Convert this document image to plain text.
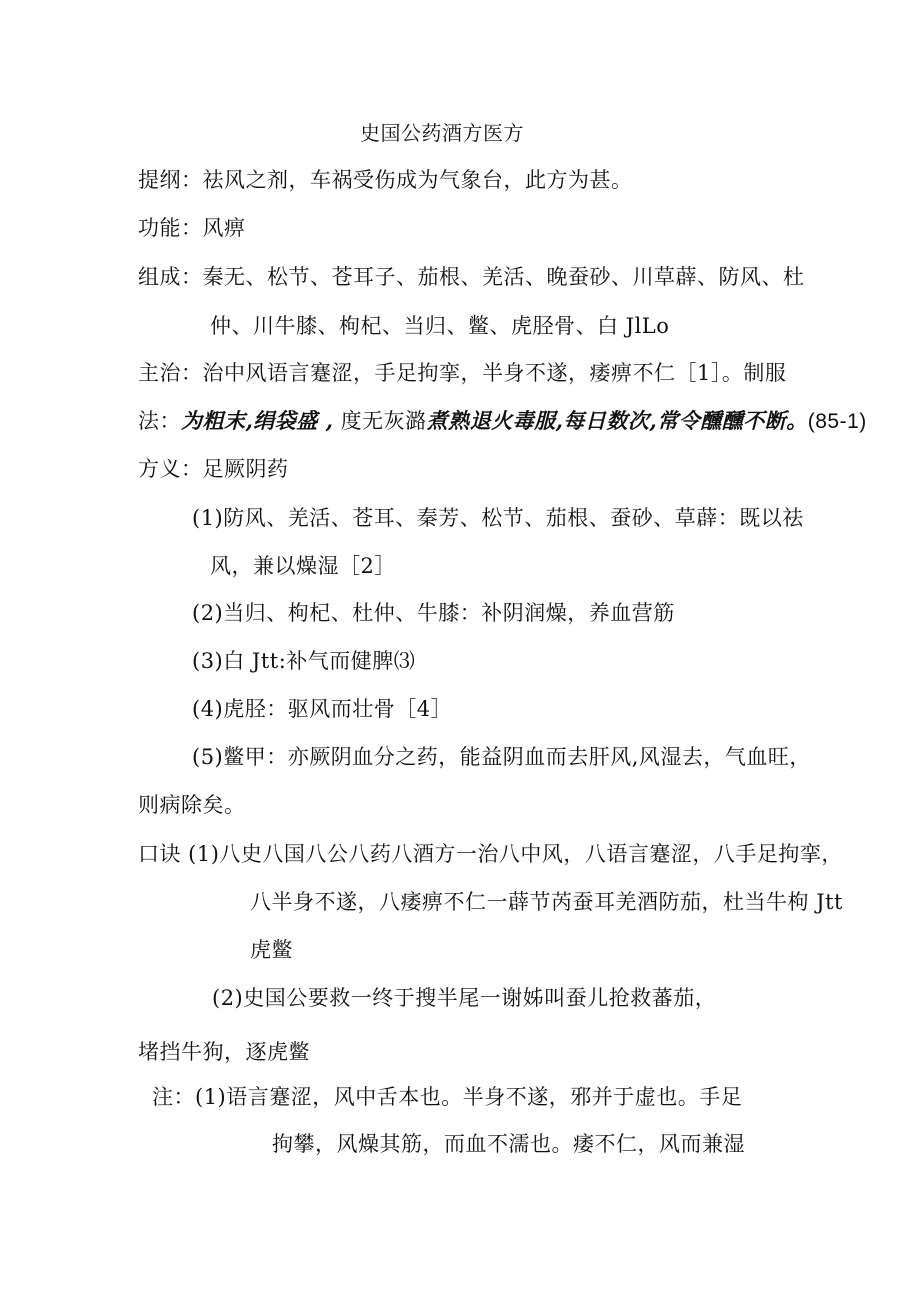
史国公药酒方医方
提纲：祛风之剂，车祸受伤成为气象台，此方为甚。
功能：风痹
组成：秦无、松节、苍耳子、茄根、羌活、晚蚕砂、川草薜、防风、杜
仲、川牛膝、枸杞、当归、鳖、虎胫骨、白 JlLo
主治：治中风语言蹇涩，手足拘挛，半身不遂，痿痹不仁［1］。制服
法：为粗末,绢袋盛 , 度无灰潞煮熟退火毒服,每日数次,常令醺醺不断。(85-1)
方义：足厥阴药
(1)防风、羌活、苍耳、秦芳、松节、茄根、蚕砂、草薜：既以祛
风，兼以燥湿［2］
(2)当归、枸杞、杜仲、牛膝：补阴润燥，养血营筋
(3)白 Jtt:补气而健脾⑶
(4)虎胫：驱风而壮骨［4］
(5)鳖甲：亦厥阴血分之药，能益阴血而去肝风,风湿去，气血旺，
则病除矣。
口诀 (1)八史八国八公八药八酒方一治八中风，八语言蹇涩，八手足拘挛，
八半身不遂，八痿痹不仁一薜节芮蚕耳羌酒防茄，杜当牛枸 Jtt
虎鳖
(2)史国公要救一终于搜半尾一谢姊叫蚕儿抢救蕃茄，
堵挡牛狗，逐虎鳖
注：(1)语言蹇涩，风中舌本也。半身不遂，邪并于虚也。手足
拘攀，风燥其筋，而血不濡也。痿不仁，风而兼湿
